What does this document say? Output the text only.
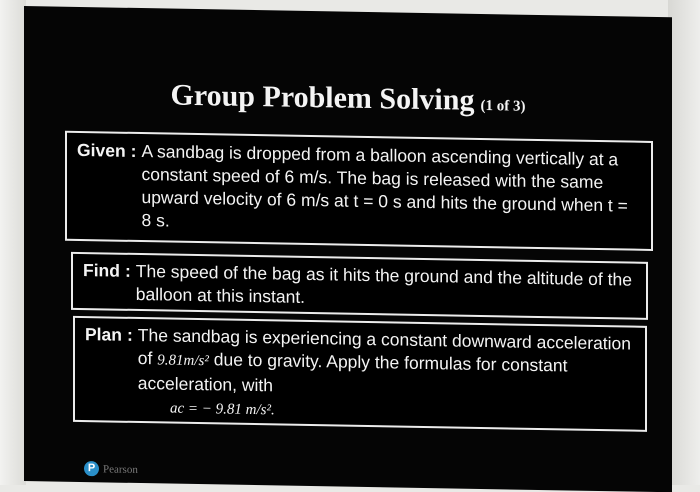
Group Problem Solving (1 of 3)
Given : A sandbag is dropped from a balloon ascending vertically at a constant speed of 6 m/s. The bag is released with the same upward velocity of 6 m/s at t = 0 s and hits the ground when t = 8 s.
Find : The speed of the bag as it hits the ground and the altitude of the balloon at this instant.
Plan : The sandbag is experiencing a constant downward acceleration of 9.81m/s² due to gravity. Apply the formulas for constant acceleration, with
ac = − 9.81 m/s².
P Pearson
